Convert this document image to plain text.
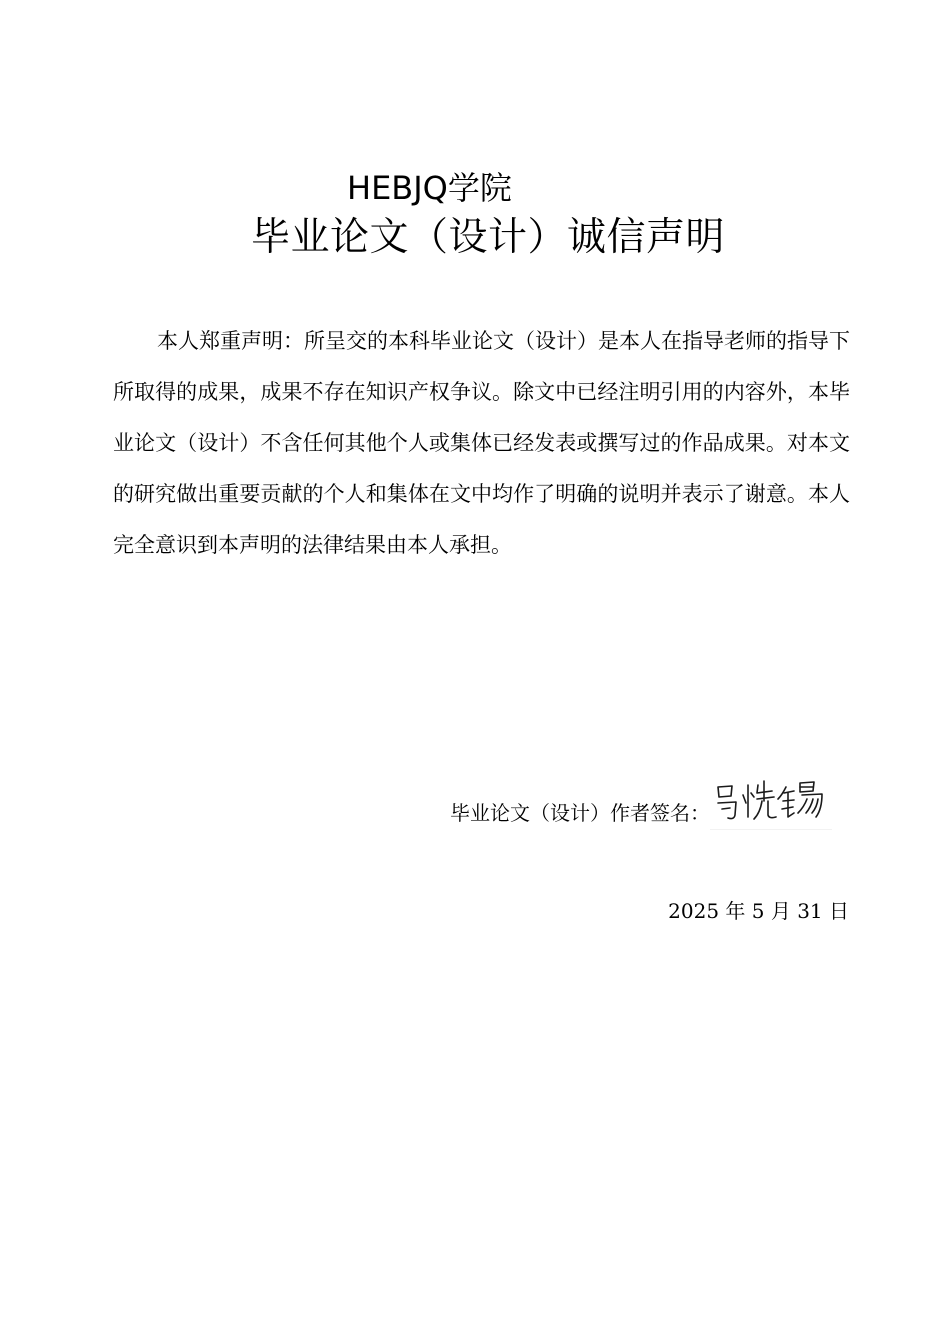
HEBJQ学院
毕业论文（设计）诚信声明

本人郑重声明：所呈交的本科毕业论文（设计）是本人在指导老师的指导下所取得的成果，成果不存在知识产权争议。除文中已经注明引用的内容外，本毕业论文（设计）不含任何其他个人或集体已经发表或撰写过的作品成果。对本文的研究做出重要贡献的个人和集体在文中均作了明确的说明并表示了谢意。本人完全意识到本声明的法律结果由本人承担。

毕业论文（设计）作者签名：
2025 年 5 月 31 日
